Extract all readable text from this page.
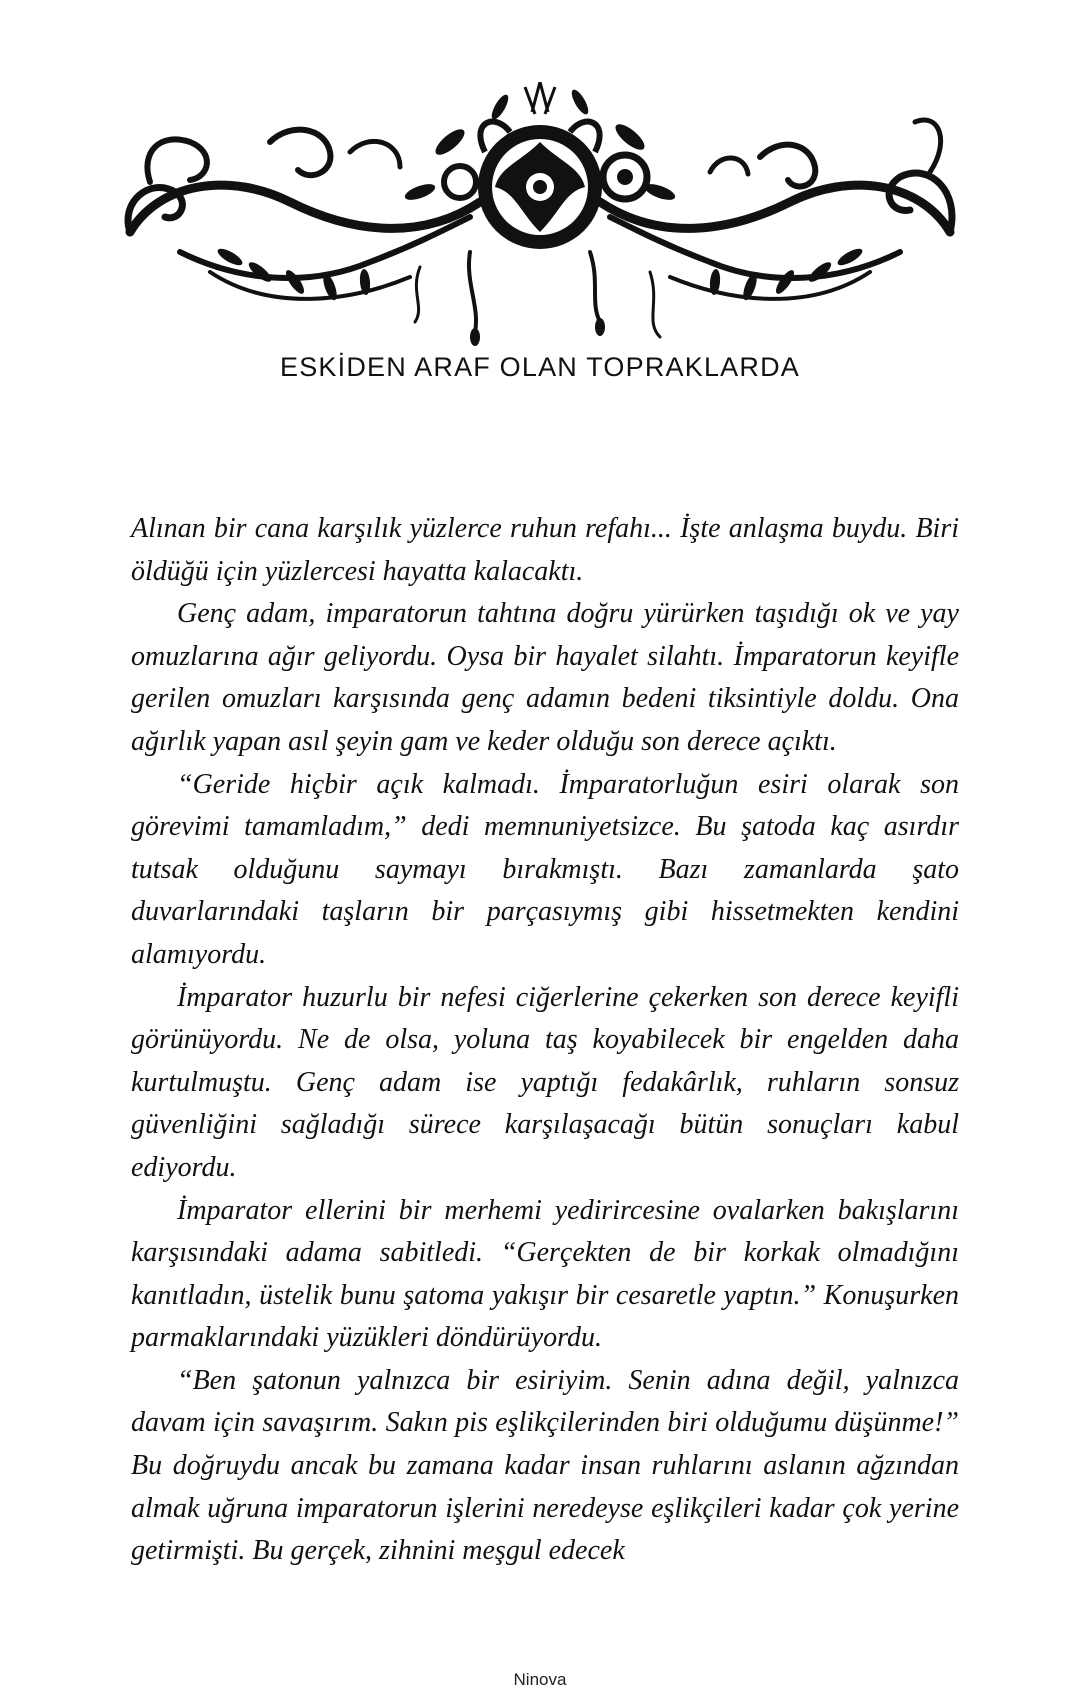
ESKİDEN ARAF OLAN TOPRAKLARDA

Alınan bir cana karşılık yüzlerce ruhun refahı... İşte anlaşma buydu. Biri öldüğü için yüzlercesi hayatta kalacaktı.

Genç adam, imparatorun tahtına doğru yürürken taşıdığı ok ve yay omuzlarına ağır geliyordu. Oysa bir hayalet silahtı. İmparatorun keyifle gerilen omuzları karşısında genç adamın bedeni tiksintiyle doldu. Ona ağırlık yapan asıl şeyin gam ve keder olduğu son derece açıktı.

“Geride hiçbir açık kalmadı. İmparatorluğun esiri olarak son görevimi tamamladım,” dedi memnuniyetsizce. Bu şatoda kaç asırdır tutsak olduğunu saymayı bırakmıştı. Bazı zamanlarda şato duvarlarındaki taşların bir parçasıymış gibi hissetmekten kendini alamıyordu.

İmparator huzurlu bir nefesi ciğerlerine çekerken son derece keyifli görünüyordu. Ne de olsa, yoluna taş koyabilecek bir engelden daha kurtulmuştu. Genç adam ise yaptığı fedakârlık, ruhların sonsuz güvenliğini sağladığı sürece karşılaşacağı bütün sonuçları kabul ediyordu.

İmparator ellerini bir merhemi yedirircesine ovalarken bakışlarını karşısındaki adama sabitledi. “Gerçekten de bir korkak olmadığını kanıtladın, üstelik bunu şatoma yakışır bir cesaretle yaptın.” Konuşurken parmaklarındaki yüzükleri döndürüyordu.

“Ben şatonun yalnızca bir esiriyim. Senin adına değil, yalnızca davam için savaşırım. Sakın pis eşlikçilerinden biri olduğumu düşünme!” Bu doğruydu ancak bu zamana kadar insan ruhlarını aslanın ağzından almak uğruna imparatorun işlerini neredeyse eşlikçileri kadar çok yerine getirmişti. Bu gerçek, zihnini meşgul edecek

Ninova
